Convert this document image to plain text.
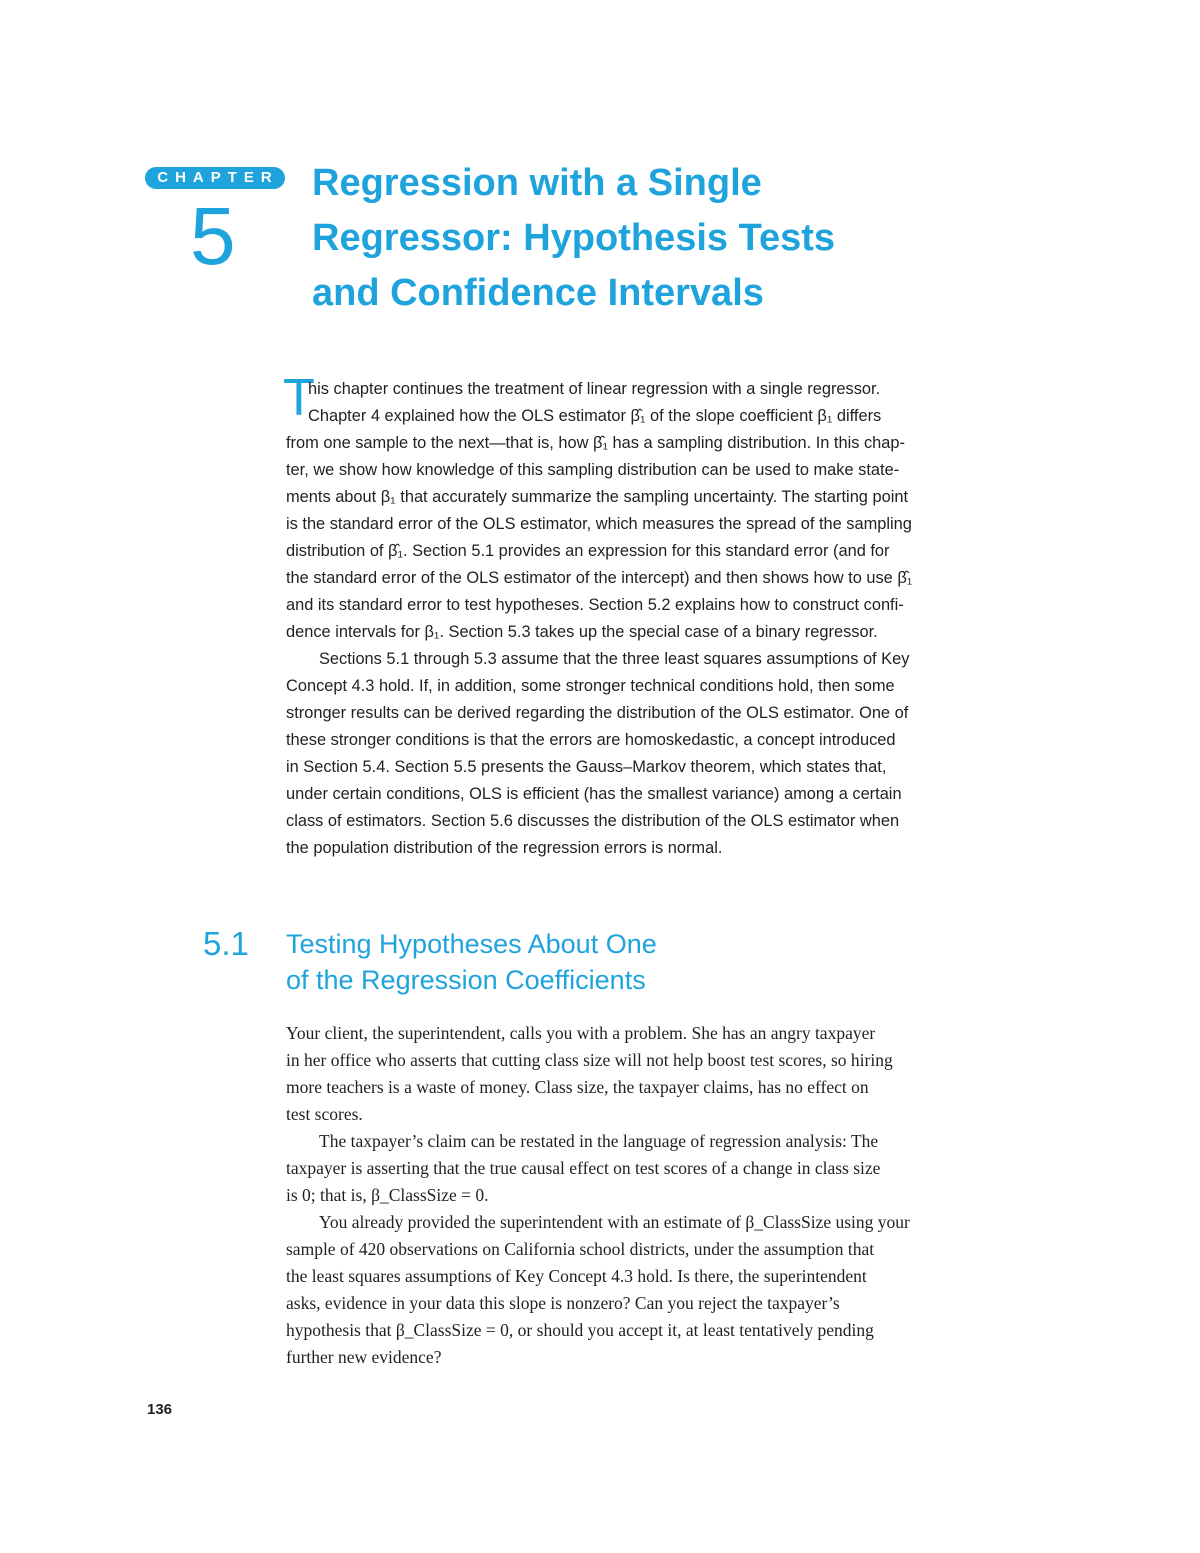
CHAPTER
5
Regression with a Single
Regressor: Hypothesis Tests
and Confidence Intervals
T
his chapter continues the treatment of linear regression with a single regressor.
Chapter 4 explained how the OLS estimator β̂₁ of the slope coefficient β₁ differs
from one sample to the next—that is, how β̂₁ has a sampling distribution. In this chap-
ter, we show how knowledge of this sampling distribution can be used to make state-
ments about β₁ that accurately summarize the sampling uncertainty. The starting point
is the standard error of the OLS estimator, which measures the spread of the sampling
distribution of β̂₁. Section 5.1 provides an expression for this standard error (and for
the standard error of the OLS estimator of the intercept) and then shows how to use β̂₁
and its standard error to test hypotheses. Section 5.2 explains how to construct confi-
dence intervals for β₁. Section 5.3 takes up the special case of a binary regressor.
Sections 5.1 through 5.3 assume that the three least squares assumptions of Key
Concept 4.3 hold. If, in addition, some stronger technical conditions hold, then some
stronger results can be derived regarding the distribution of the OLS estimator. One of
these stronger conditions is that the errors are homoskedastic, a concept introduced
in Section 5.4. Section 5.5 presents the Gauss–Markov theorem, which states that,
under certain conditions, OLS is efficient (has the smallest variance) among a certain
class of estimators. Section 5.6 discusses the distribution of the OLS estimator when
the population distribution of the regression errors is normal.
5.1 Testing Hypotheses About One
of the Regression Coefficients
Your client, the superintendent, calls you with a problem. She has an angry taxpayer
in her office who asserts that cutting class size will not help boost test scores, so hiring
more teachers is a waste of money. Class size, the taxpayer claims, has no effect on
test scores.
The taxpayer’s claim can be restated in the language of regression analysis: The
taxpayer is asserting that the true causal effect on test scores of a change in class size
is 0; that is, β_ClassSize = 0.
You already provided the superintendent with an estimate of β_ClassSize using your
sample of 420 observations on California school districts, under the assumption that
the least squares assumptions of Key Concept 4.3 hold. Is there, the superintendent
asks, evidence in your data this slope is nonzero? Can you reject the taxpayer’s
hypothesis that β_ClassSize = 0, or should you accept it, at least tentatively pending
further new evidence?
136
